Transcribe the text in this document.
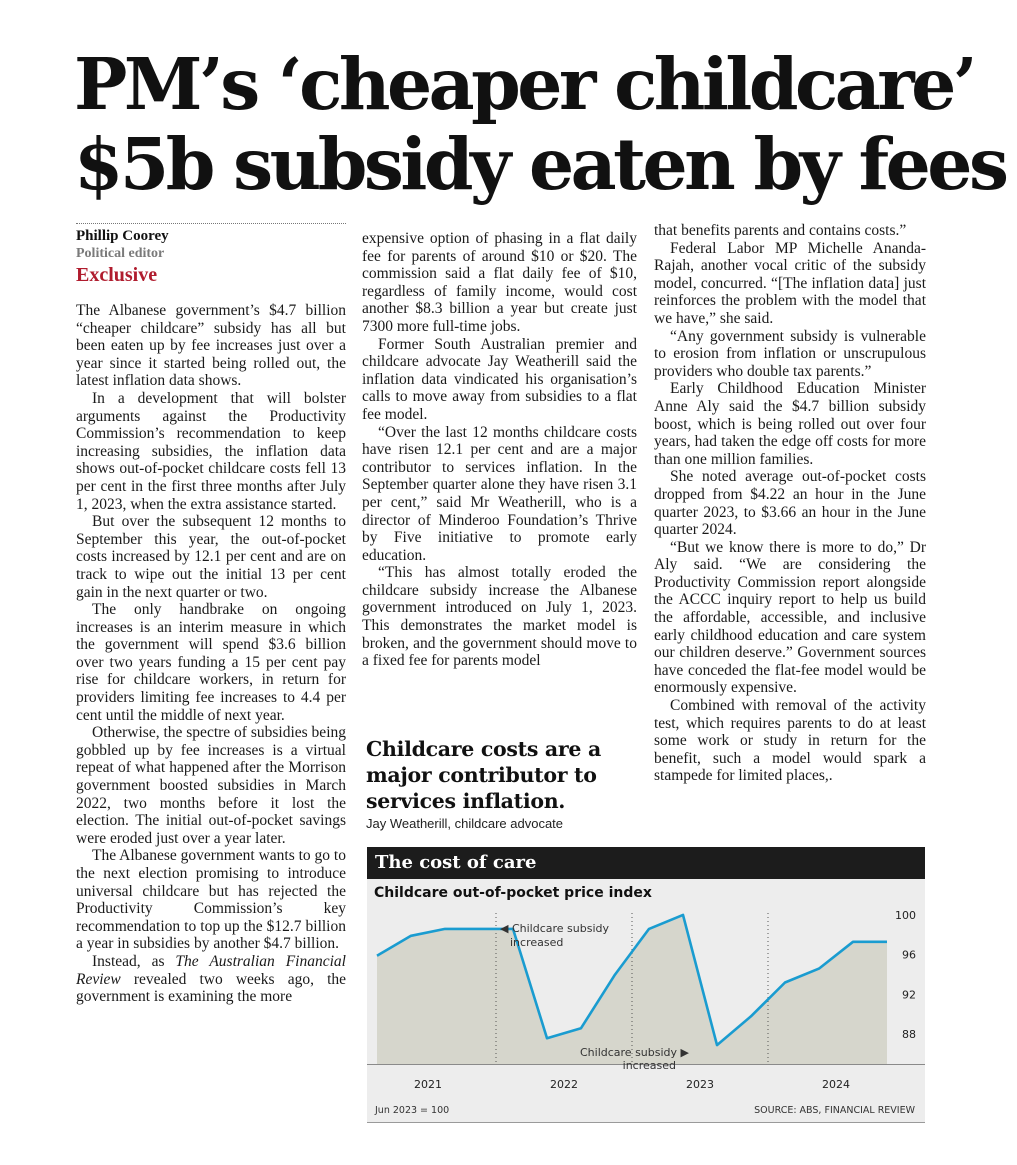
PM’s ‘cheaper childcare’
$5b subsidy eaten by fees
Phillip Coorey
Political editor
Exclusive

The Albanese government’s $4.7 billion “cheaper childcare” subsidy has all but been eaten up by fee increases just over a year since it started being rolled out, the latest inflation data shows.

In a development that will bolster arguments against the Productivity Commission’s recommendation to keep increasing subsidies, the inflation data shows out-of-pocket childcare costs fell 13 per cent in the first three months after July 1, 2023, when the extra assistance started.

But over the subsequent 12 months to September this year, the out-of-pocket costs increased by 12.1 per cent and are on track to wipe out the initial 13 per cent gain in the next quarter or two.

The only handbrake on ongoing increases is an interim measure in which the government will spend $3.6 billion over two years funding a 15 per cent pay rise for childcare workers, in return for providers limiting fee increases to 4.4 per cent until the middle of next year.

Otherwise, the spectre of subsidies being gobbled up by fee increases is a virtual repeat of what happened after the Morrison government boosted subsidies in March 2022, two months before it lost the election. The initial out-of-pocket savings were eroded just over a year later.

The Albanese government wants to go to the next election promising to introduce universal childcare but has rejected the Productivity Commission’s key recommendation to top up the $12.7 billion a year in subsidies by another $4.7 billion.

Instead, as The Australian Financial Review revealed two weeks ago, the government is examining the more

expensive option of phasing in a flat daily fee for parents of around $10 or $20. The commission said a flat daily fee of $10, regardless of family income, would cost another $8.3 billion a year but create just 7300 more full-time jobs.

Former South Australian premier and childcare advocate Jay Weatherill said the inflation data vindicated his organisation’s calls to move away from subsidies to a flat fee model.

“Over the last 12 months childcare costs have risen 12.1 per cent and are a major contributor to services inflation. In the September quarter alone they have risen 3.1 per cent,” said Mr Weatherill, who is a director of Minderoo Foundation’s Thrive by Five initiative to promote early education.

“This has almost totally eroded the childcare subsidy increase the Albanese government introduced on July 1, 2023. This demonstrates the market model is broken, and the government should move to a fixed fee for parents model

Childcare costs are a major contributor to services inflation.
Jay Weatherill, childcare advocate

that benefits parents and contains costs.”

Federal Labor MP Michelle Ananda-Rajah, another vocal critic of the subsidy model, concurred. “[The inflation data] just reinforces the problem with the model that we have,” she said.

“Any government subsidy is vulnerable to erosion from inflation or unscrupulous providers who double tax parents.”

Early Childhood Education Minister Anne Aly said the $4.7 billion subsidy boost, which is being rolled out over four years, had taken the edge off costs for more than one million families.

She noted average out-of-pocket costs dropped from $4.22 an hour in the June quarter 2023, to $3.66 an hour in the June quarter 2024.

“But we know there is more to do,” Dr Aly said. “We are considering the Productivity Commission report alongside the ACCC inquiry report to help us build the affordable, accessible, and inclusive early childhood education and care system our children deserve.” Government sources have conceded the flat-fee model would be enormously expensive.

Combined with removal of the activity test, which requires parents to do at least some work or study in return for the benefit, such a model would spark a stampede for limited places,.

The cost of care
Childcare out-of-pocket price index
88
92
96
100
2021	2022	2023	2024
◀ Childcare subsidy
increased
Childcare subsidy ▶
increased
Jun 2023 = 100	SOURCE: ABS, FINANCIAL REVIEW
